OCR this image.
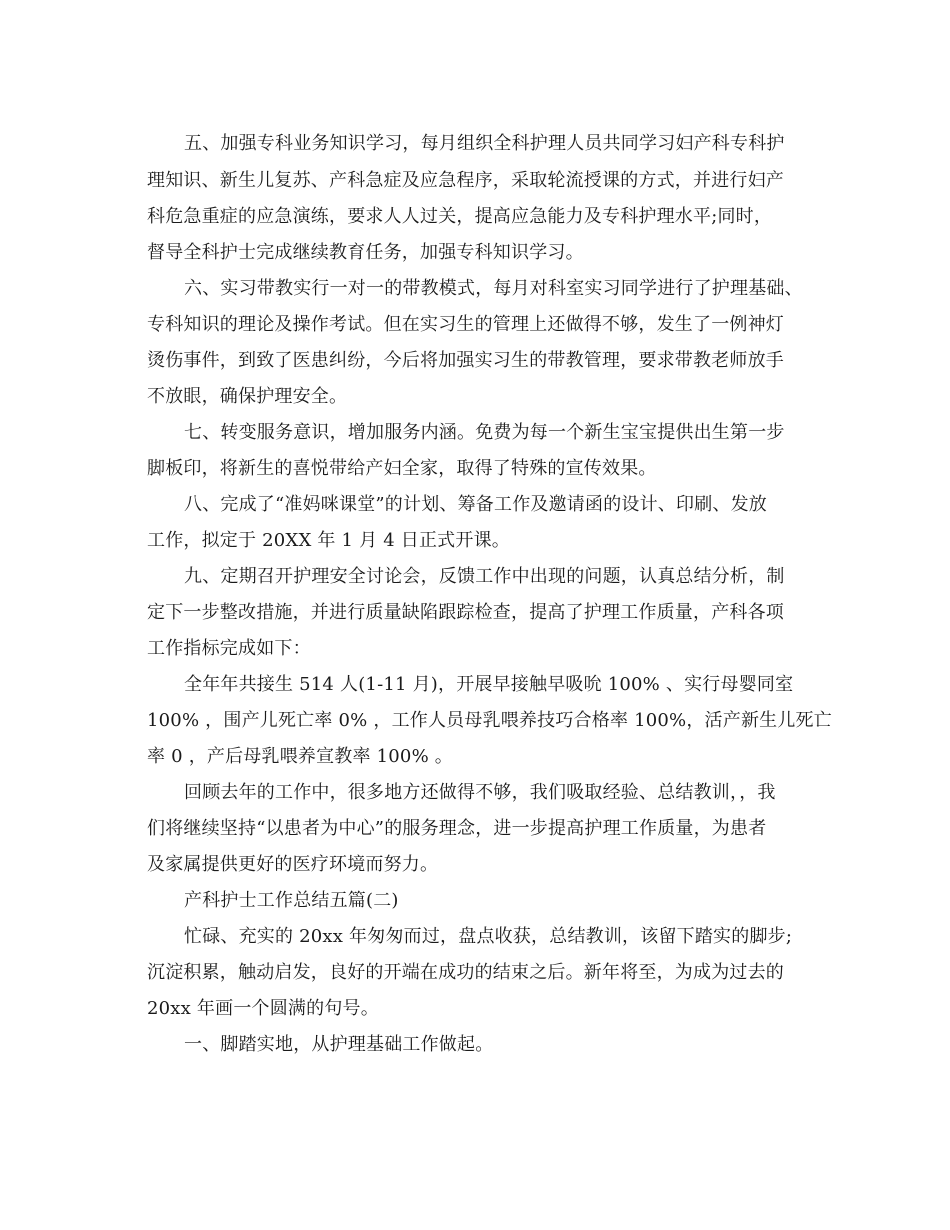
五、加强专科业务知识学习，每月组织全科护理人员共同学习妇产科专科护
理知识、新生儿复苏、产科急症及应急程序，采取轮流授课的方式，并进行妇产
科危急重症的应急演练，要求人人过关，提高应急能力及专科护理水平;同时，
督导全科护士完成继续教育任务，加强专科知识学习。
六、实习带教实行一对一的带教模式，每月对科室实习同学进行了护理基础、
专科知识的理论及操作考试。但在实习生的管理上还做得不够，发生了一例神灯
烫伤事件，到致了医患纠纷，今后将加强实习生的带教管理，要求带教老师放手
不放眼，确保护理安全。
七、转变服务意识，增加服务内涵。免费为每一个新生宝宝提供出生第一步
脚板印，将新生的喜悦带给产妇全家，取得了特殊的宣传效果。
八、完成了“准妈咪课堂”的计划、筹备工作及邀请函的设计、印刷、发放
工作，拟定于 20XX 年 1 月 4 日正式开课。
九、定期召开护理安全讨论会，反馈工作中出现的问题，认真总结分析，制
定下一步整改措施，并进行质量缺陷跟踪检查，提高了护理工作质量，产科各项
工作指标完成如下：
全年年共接生 514 人(1-11 月)，开展早接触早吸吮 100% 、实行母婴同室
100% ，围产儿死亡率 0% ，工作人员母乳喂养技巧合格率 100%，活产新生儿死亡
率 0 ，产后母乳喂养宣教率 100% 。
回顾去年的工作中，很多地方还做得不够，我们吸取经验、总结教训，，我
们将继续坚持“以患者为中心”的服务理念，进一步提高护理工作质量，为患者
及家属提供更好的医疗环境而努力。
产科护士工作总结五篇(二)
忙碌、充实的 20xx 年匆匆而过，盘点收获，总结教训，该留下踏实的脚步;
沉淀积累，触动启发，良好的开端在成功的结束之后。新年将至，为成为过去的
20xx 年画一个圆满的句号。
一、脚踏实地，从护理基础工作做起。
